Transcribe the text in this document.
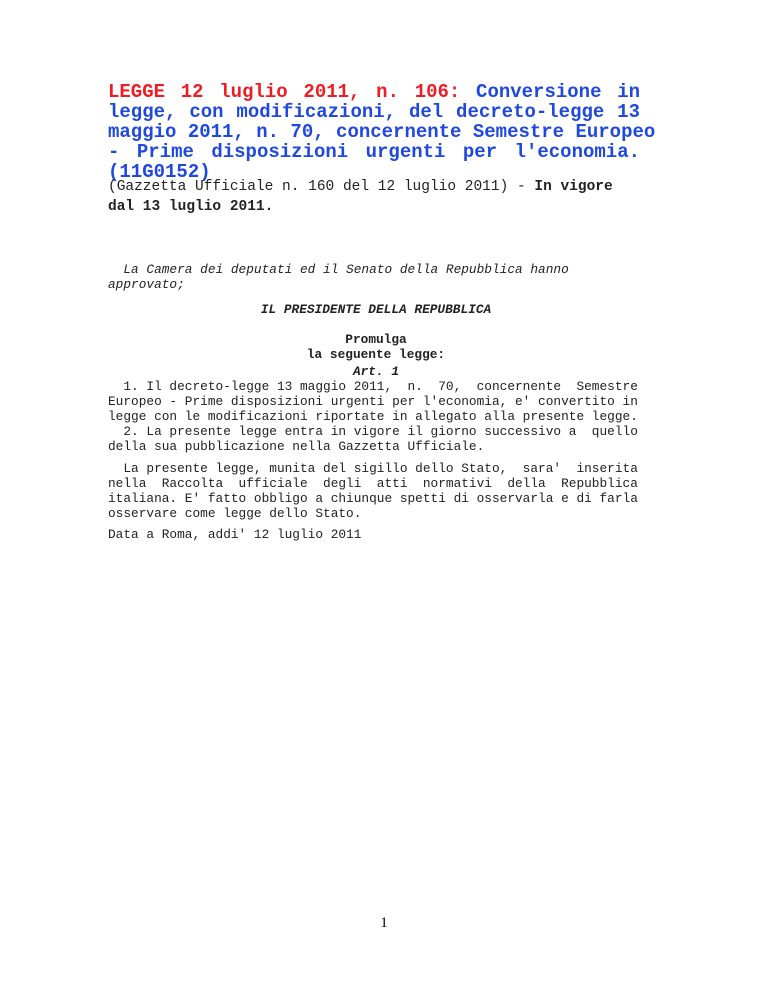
LEGGE 12 luglio 2011, n. 106: Conversione in
legge, con modificazioni, del decreto-legge 13
maggio 2011, n. 70, concernente Semestre Europeo
- Prime disposizioni urgenti per l'economia.
(11G0152)
(Gazzetta Ufficiale n. 160 del 12 luglio 2011) - In vigore
dal 13 luglio 2011.
La Camera dei deputati ed il Senato della Repubblica hanno
approvato;
IL PRESIDENTE DELLA REPUBBLICA
Promulga
la seguente legge:
Art. 1
1. Il decreto-legge 13 maggio 2011,  n.  70,  concernente  Semestre
Europeo - Prime disposizioni urgenti per l'economia, e' convertito in
legge con le modificazioni riportate in allegato alla presente legge.
2. La presente legge entra in vigore il giorno successivo a  quello
della sua pubblicazione nella Gazzetta Ufficiale.
La presente legge, munita del sigillo dello Stato,  sara'  inserita
nella  Raccolta  ufficiale  degli  atti  normativi  della  Repubblica
italiana. E' fatto obbligo a chiunque spetti di osservarla e di farla
osservare come legge dello Stato.
Data a Roma, addi' 12 luglio 2011
1
